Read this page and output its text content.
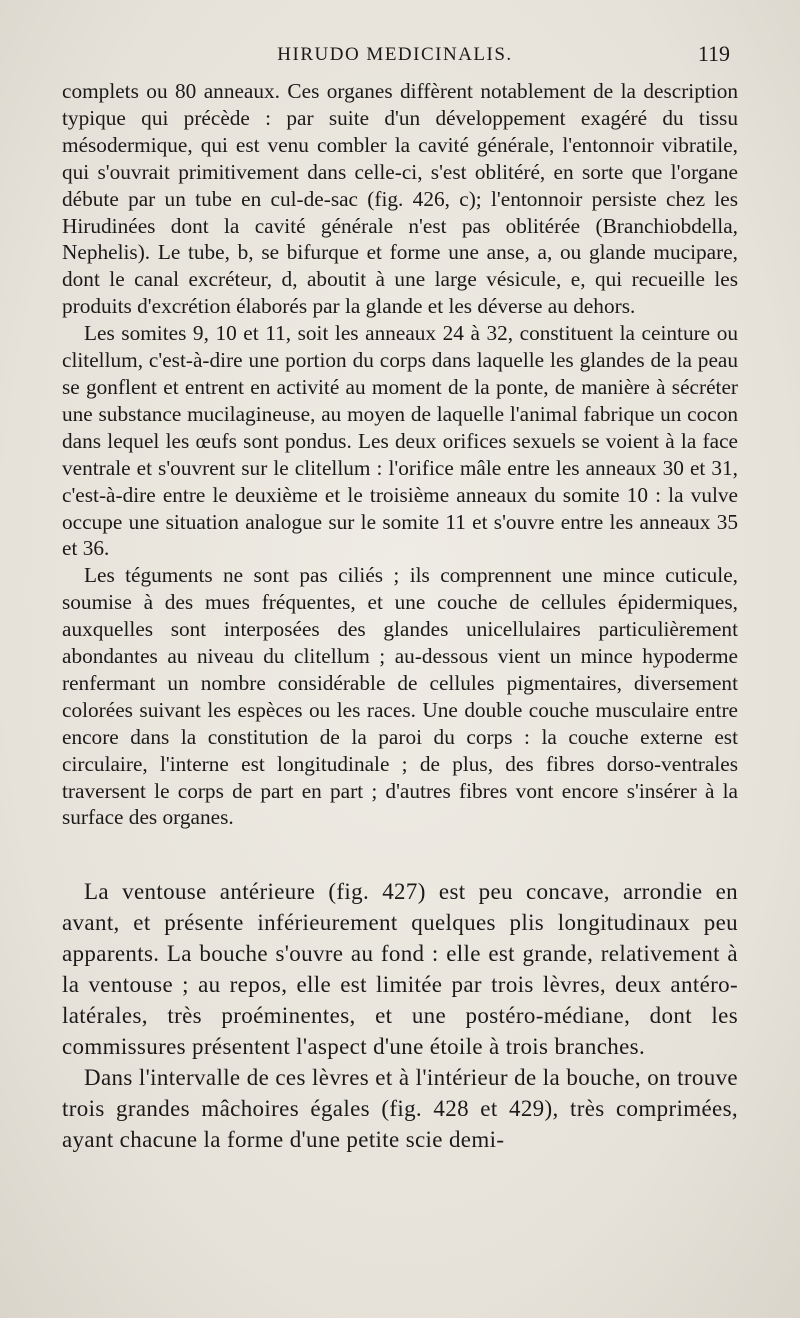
HIRUDO MEDICINALIS.	119

complets ou 80 anneaux. Ces organes diffèrent notablement de la description typique qui précède : par suite d'un développement exagéré du tissu mésodermique, qui est venu combler la cavité générale, l'entonnoir vibratile, qui s'ouvrait primitivement dans celle-ci, s'est oblitéré, en sorte que l'organe débute par un tube en cul-de-sac (fig. 426, c); l'entonnoir persiste chez les Hirudinées dont la cavité générale n'est pas oblitérée (Branchiobdella, Nephelis). Le tube, b, se bifurque et forme une anse, a, ou glande mucipare, dont le canal excréteur, d, aboutit à une large vésicule, e, qui recueille les produits d'excrétion élaborés par la glande et les déverse au dehors.

Les somites 9, 10 et 11, soit les anneaux 24 à 32, constituent la ceinture ou clitellum, c'est-à-dire une portion du corps dans laquelle les glandes de la peau se gonflent et entrent en activité au moment de la ponte, de manière à sécréter une substance mucilagineuse, au moyen de laquelle l'animal fabrique un cocon dans lequel les œufs sont pondus. Les deux orifices sexuels se voient à la face ventrale et s'ouvrent sur le clitellum : l'orifice mâle entre les anneaux 30 et 31, c'est-à-dire entre le deuxième et le troisième anneaux du somite 10 : la vulve occupe une situation analogue sur le somite 11 et s'ouvre entre les anneaux 35 et 36.

Les téguments ne sont pas ciliés ; ils comprennent une mince cuticule, soumise à des mues fréquentes, et une couche de cellules épidermiques, auxquelles sont interposées des glandes unicellulaires particulièrement abondantes au niveau du clitellum ; au-dessous vient un mince hypoderme renfermant un nombre considérable de cellules pigmentaires, diversement colorées suivant les espèces ou les races. Une double couche musculaire entre encore dans la constitution de la paroi du corps : la couche externe est circulaire, l'interne est longitudinale ; de plus, des fibres dorso-ventrales traversent le corps de part en part ; d'autres fibres vont encore s'insérer à la surface des organes.

La ventouse antérieure (fig. 427) est peu concave, arrondie en avant, et présente inférieurement quelques plis longitudinaux peu apparents. La bouche s'ouvre au fond : elle est grande, relativement à la ventouse ; au repos, elle est limitée par trois lèvres, deux antéro-latérales, très proéminentes, et une postéro-médiane, dont les commissures présentent l'aspect d'une étoile à trois branches.

Dans l'intervalle de ces lèvres et à l'intérieur de la bouche, on trouve trois grandes mâchoires égales (fig. 428 et 429), très comprimées, ayant chacune la forme d'une petite scie demi-
